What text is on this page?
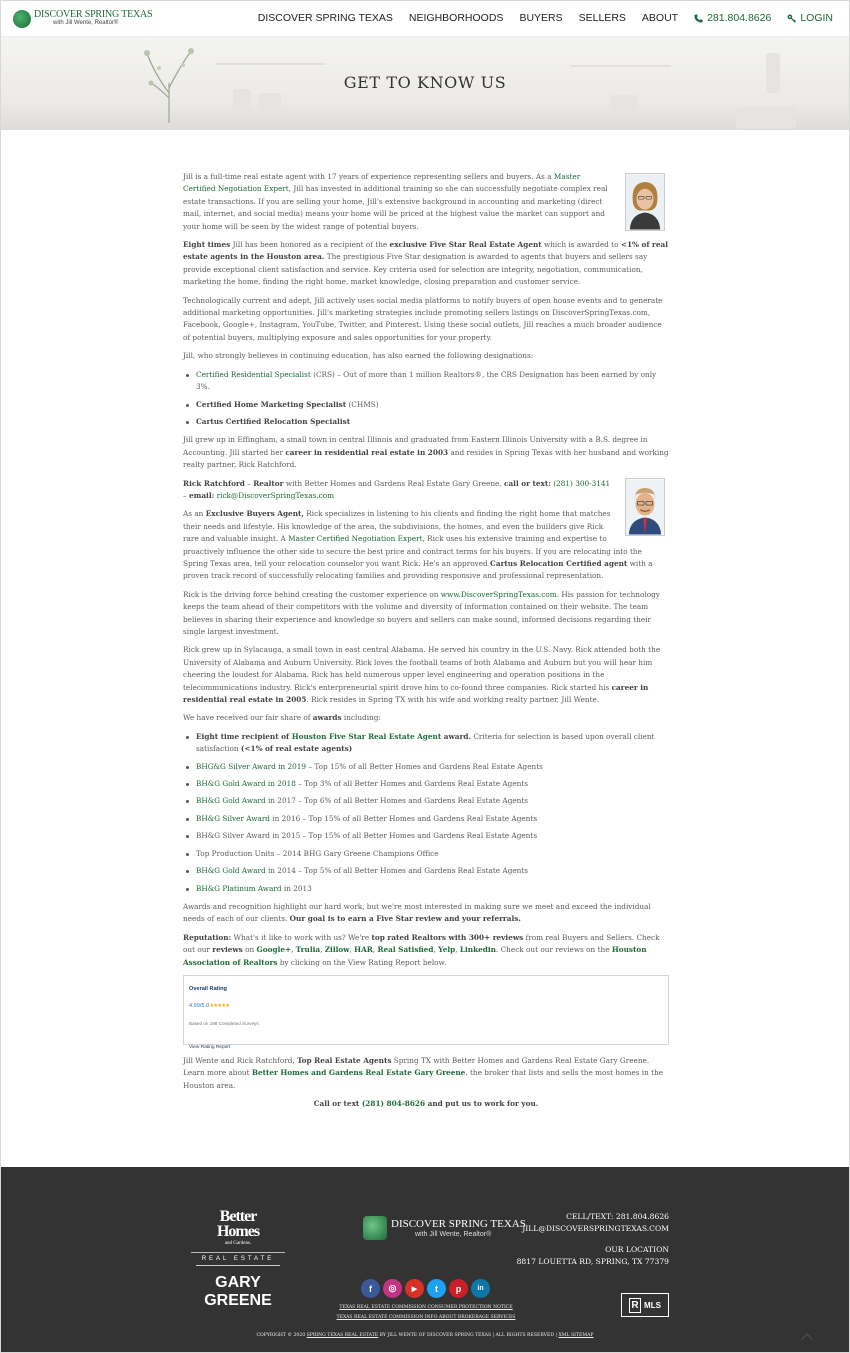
DISCOVER SPRING TEXAS
with Jill Wente, Realtor®	DISCOVER SPRING TEXAS NEIGHBORHOODS BUYERS SELLERS ABOUT	281.804.8626	LOGIN
GET TO KNOW US

Jill is a full-time real estate agent with 17 years of experience representing sellers and buyers. As a Master Certified Negotiation Expert, Jill has invested in additional training so she can successfully negotiate complex real estate transactions. If you are selling your home, Jill's extensive background in accounting and marketing (direct mail, internet, and social media) means your home will be priced at the highest value the market can support and your home will be seen by the widest range of potential buyers.

Eight times Jill has been honored as a recipient of the exclusive Five Star Real Estate Agent which is awarded to <1% of real estate agents in the Houston area. The prestigious Five Star designation is awarded to agents that buyers and sellers say provide exceptional client satisfaction and service. Key criteria used for selection are integrity, negotiation, communication, marketing the home, finding the right home, market knowledge, closing preparation and customer service.

Technologically current and adept, Jill actively uses social media platforms to notify buyers of open house events and to generate additional marketing opportunities. Jill's marketing strategies include promoting sellers listings on DiscoverSpringTexas.com, Facebook, Google+, Instagram, YouTube, Twitter, and Pinterest. Using these social outlets, Jill reaches a much broader audience of potential buyers, multiplying exposure and sales opportunities for your property.

Jill, who strongly believes in continuing education, has also earned the following designations:

Certified Residential Specialist (CRS) – Out of more than 1 million Realtors®, the CRS Designation has been earned by only 3%.
Certified Home Marketing Specialist (CHMS)
Cartus Certified Relocation Specialist

Jill grew up in Effingham, a small town in central Illinois and graduated from Eastern Illinois University with a B.S. degree in Accounting. Jill started her career in residential real estate in 2003 and resides in Spring Texas with her husband and working realty partner, Rick Ratchford.

Rick Ratchford – Realtor with Better Homes and Gardens Real Estate Gary Greene. call or text: (281) 300-3141 – email: rick@DiscoverSpringTexas.com

As an Exclusive Buyers Agent, Rick specializes in listening to his clients and finding the right home that matches their needs and lifestyle. His knowledge of the area, the subdivisions, the homes, and even the builders give Rick rare and valuable insight. A Master Certified Negotiation Expert, Rick uses his extensive training and expertise to proactively influence the other side to secure the best price and contract terms for his buyers. If you are relocating into the Spring Texas area, tell your relocation counselor you want Rick. He's an approved Cartus Relocation Certified agent with a proven track record of successfully relocating families and providing responsive and professional representation.

Rick is the driving force behind creating the customer experience on www.DiscoverSpringTexas.com. His passion for technology keeps the team ahead of their competitors with the volume and diversity of information contained on their website. The team believes in sharing their experience and knowledge so buyers and sellers can make sound, informed decisions regarding their single largest investment.

Rick grew up in Sylacauga, a small town in east central Alabama. He served his country in the U.S. Navy. Rick attended both the University of Alabama and Auburn University. Rick loves the football teams of both Alabama and Auburn but you will hear him cheering the loudest for Alabama. Rick has held numerous upper level engineering and operation positions in the telecommunications industry. Rick's enterpreneurial spirit drove him to co-found three companies. Rick started his career in residential real estate in 2005. Rick resides in Spring TX with his wife and working realty partner, Jill Wente.

We have received our fair share of awards including:

Eight time recipient of Houston Five Star Real Estate Agent award. Criteria for selection is based upon overall client satisfaction (<1% of real estate agents)
BHG&G Silver Award in 2019 – Top 15% of all Better Homes and Gardens Real Estate Agents
BH&G Gold Award in 2018 – Top 3% of all Better Homes and Gardens Real Estate Agents
BH&G Gold Award in 2017 – Top 6% of all Better Homes and Gardens Real Estate Agents
BH&G Silver Award in 2016 – Top 15% of all Better Homes and Gardens Real Estate Agents
BH&G Silver Award in 2015 – Top 15% of all Better Homes and Gardens Real Estate Agents
Top Production Units – 2014 BHG Gary Greene Champions Office
BH&G Gold Award in 2014 – Top 5% of all Better Homes and Gardens Real Estate Agents
BH&G Platinum Award in 2013

Awards and recognition highlight our hard work, but we're most interested in making sure we meet and exceed the individual needs of each of our clients. Our goal is to earn a Five Star review and your referrals.

Reputation: What's it like to work with us? We're top rated Realtors with 300+ reviews from real Buyers and Sellers. Check out our reviews on Google+, Trulia, Zillow, HAR, Real Satisfied, Yelp, Linkedin. Check out our reviews on the Houston Association of Realtors by clicking on the View Rating Report below.

Overall Rating
4.99/5.0★★★★★
Based on 198 Completed Surveys
View Rating Report

Jill Wente and Rick Ratchford, Top Real Estate Agents Spring TX with Better Homes and Gardens Real Estate Gary Greene. Learn more about Better Homes and Gardens Real Estate Gary Greene, the broker that lists and sells the most homes in the Houston area.

Call or text (281) 804-8626 and put us to work for you.

Better
Homes
and Gardens.
REAL ESTATE
GARY
GREENE
DISCOVER SPRING TEXAS
with Jill Wente, Realtor®
CELL/TEXT: 281.804.8626
JILL@DISCOVERSPRINGTEXAS.COM
OUR LOCATION
8817 LOUETTA RD, SPRING, TX 77379
f	◎	▶	t	p	in
TEXAS REAL ESTATE COMMISSION CONSUMER PROTECTION NOTICE
TEXAS REAL ESTATE COMMISSION INFO ABOUT BROKERAGE SERVICES
R MLS
COPYRIGHT © 2020 SPRING TEXAS REAL ESTATE BY JILL WENTE OF DISCOVER SPRING TEXAS | ALL RIGHTS RESERVED | XML SITEMAP
